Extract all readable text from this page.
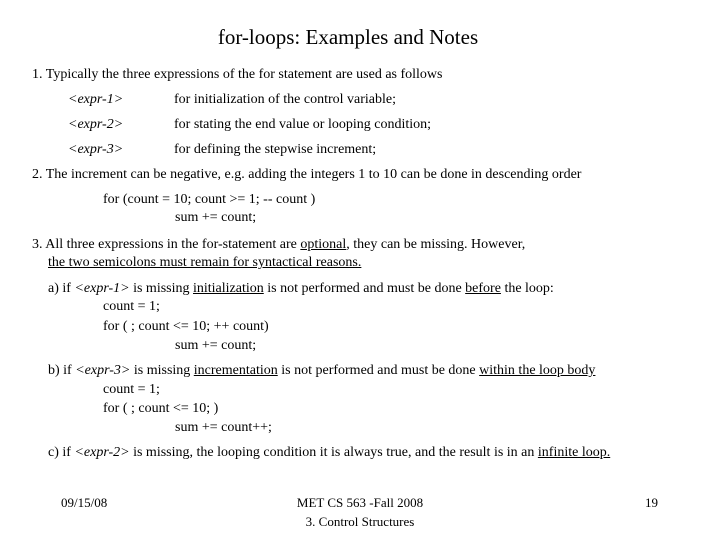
for-loops: Examples and Notes
1. Typically the three expressions of the for statement are used as follows
<expr-1>	for initialization of the control variable;
<expr-2>	for stating the end value or looping condition;
<expr-3>	for defining the stepwise increment;
2. The increment can be negative, e.g. adding the integers 1 to 10 can be done in descending order
for (count = 10; count >= 1; -- count )
sum += count;
3. All three expressions in the for-statement are optional, they can be missing. However,
the two semicolons must remain for syntactical reasons.
a) if <expr-1> is missing initialization is not performed and must be done before the loop:
count = 1;
for ( ; count <= 10; ++ count)
sum += count;
b) if <expr-3> is missing incrementation is not performed and must be done within the loop body
count = 1;
for ( ; count <= 10; )
sum += count++;
c) if <expr-2> is missing, the looping condition it is always true, and the result is in an infinite loop.
09/15/08	MET CS 563 -Fall 2008
3. Control Structures
19
